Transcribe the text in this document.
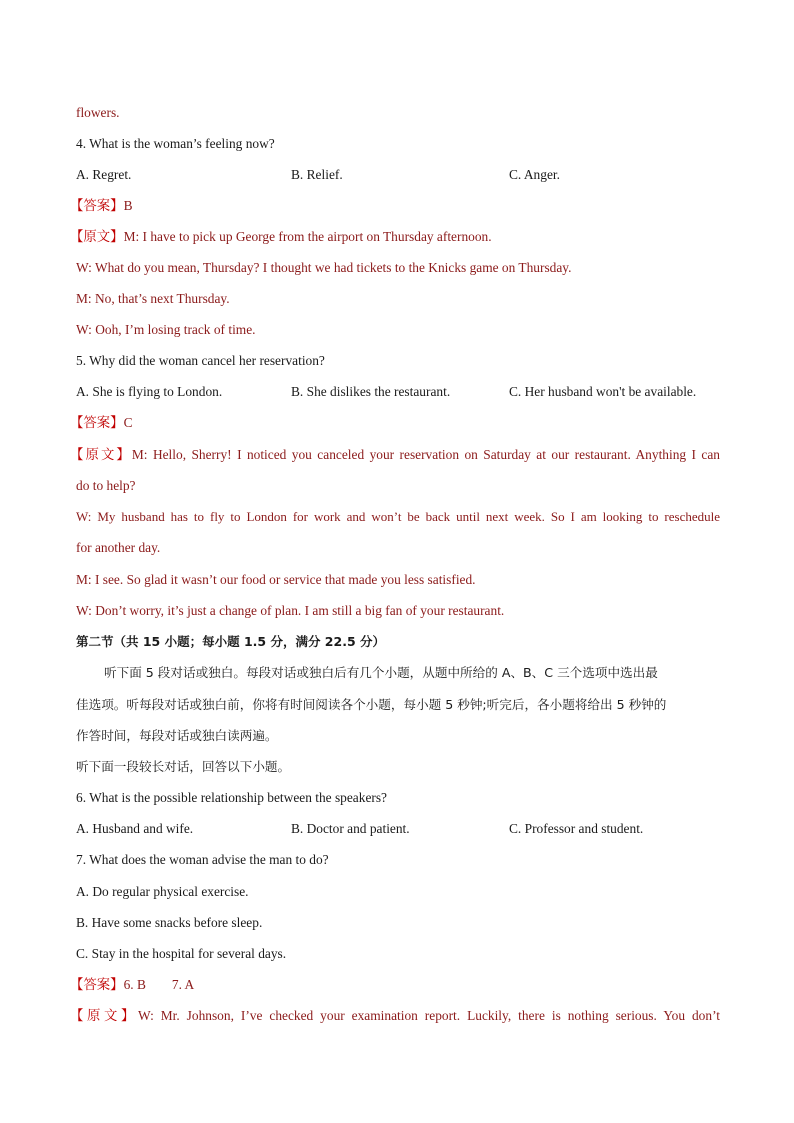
flowers.
4. What is the woman’s feeling now?
A. Regret.	B. Relief.	C. Anger.
【答案】B
【原文】M: I have to pick up George from the airport on Thursday afternoon.
W: What do you mean, Thursday? I thought we had tickets to the Knicks game on Thursday.
M: No, that’s next Thursday.
W: Ooh, I’m losing track of time.
5. Why did the woman cancel her reservation?
A. She is flying to London.	B. She dislikes the restaurant.	C. Her husband won't be available.
【答案】C
【原文】M: Hello, Sherry! I noticed you canceled your reservation on Saturday at our restaurant. Anything I can
do to help?
W: My husband has to fly to London for work and won’t be back until next week. So I am looking to reschedule
for another day.
M: I see. So glad it wasn’t our food or service that made you less satisfied.
W: Don’t worry, it’s just a change of plan. I am still a big fan of your restaurant.
第二节（共 15 小题；每小题 1.5 分，满分 22.5 分）
听下面 5 段对话或独白。每段对话或独白后有几个小题，从题中所给的 A、B、C 三个选项中选出最
佳选项。听每段对话或独白前，你将有时间阅读各个小题，每小题 5 秒钟;听完后，各小题将给出 5 秒钟的
作答时间，每段对话或独白读两遍。
听下面一段较长对话，回答以下小题。
6. What is the possible relationship between the speakers?
A. Husband and wife.	B. Doctor and patient.	C. Professor and student.
7. What does the woman advise the man to do?
A. Do regular physical exercise.
B. Have some snacks before sleep.
C. Stay in the hospital for several days.
【答案】6. B 7. A
【原文】W: Mr. Johnson, I’ve checked your examination report. Luckily, there is nothing serious. You don’t
